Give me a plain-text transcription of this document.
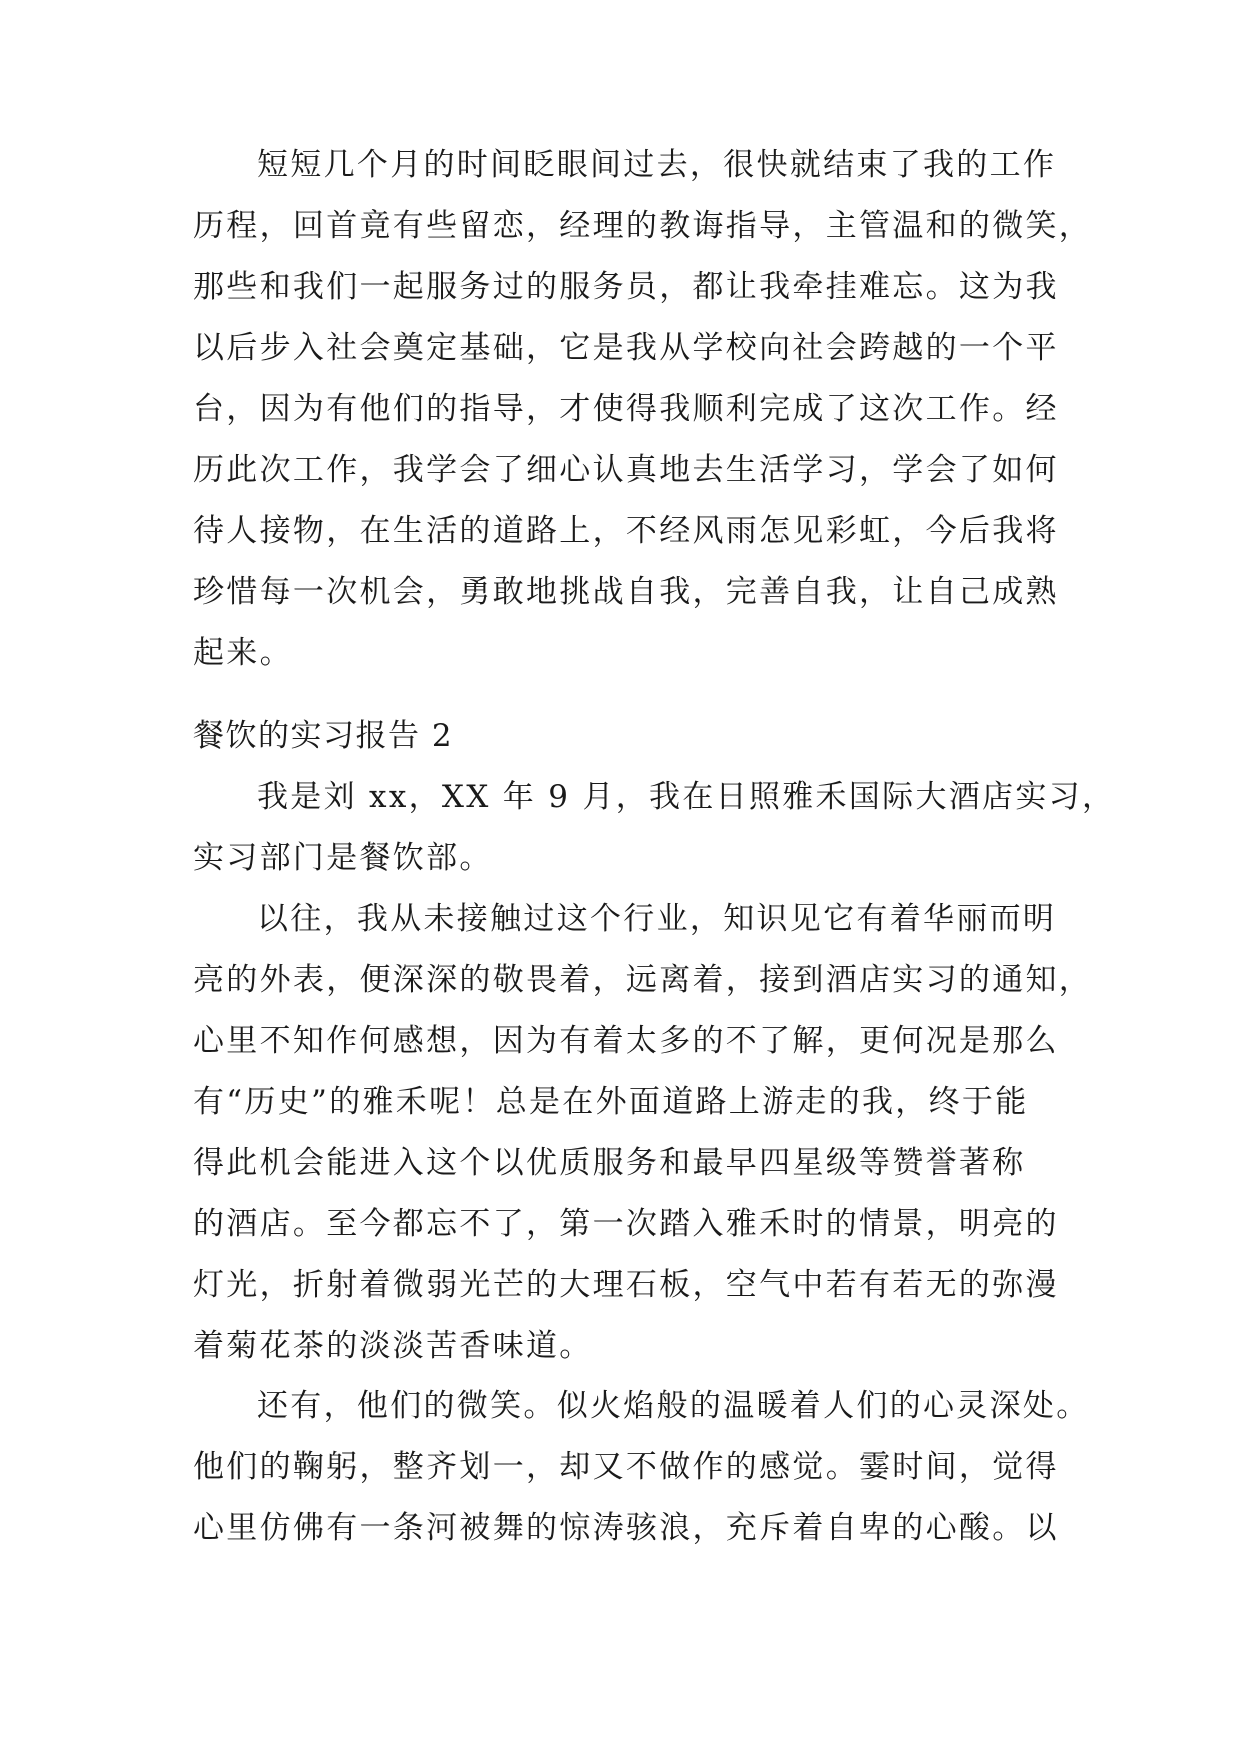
短短几个月的时间眨眼间过去，很快就结束了我的工作
历程，回首竟有些留恋，经理的教诲指导，主管温和的微笑，
那些和我们一起服务过的服务员，都让我牵挂难忘。这为我
以后步入社会奠定基础，它是我从学校向社会跨越的一个平
台，因为有他们的指导，才使得我顺利完成了这次工作。经
历此次工作，我学会了细心认真地去生活学习，学会了如何
待人接物，在生活的道路上，不经风雨怎见彩虹，今后我将
珍惜每一次机会，勇敢地挑战自我，完善自我，让自己成熟
起来。
餐饮的实习报告 2
我是刘 xx，XX 年 9 月，我在日照雅禾国际大酒店实习，
实习部门是餐饮部。
以往，我从未接触过这个行业，知识见它有着华丽而明
亮的外表，便深深的敬畏着，远离着，接到酒店实习的通知，
心里不知作何感想，因为有着太多的不了解，更何况是那么
有“历史”的雅禾呢！总是在外面道路上游走的我，终于能
得此机会能进入这个以优质服务和最早四星级等赞誉著称
的酒店。至今都忘不了，第一次踏入雅禾时的情景，明亮的
灯光，折射着微弱光芒的大理石板，空气中若有若无的弥漫
着菊花茶的淡淡苦香味道。
还有，他们的微笑。似火焰般的温暖着人们的心灵深处。
他们的鞠躬，整齐划一，却又不做作的感觉。霎时间，觉得
心里仿佛有一条河被舞的惊涛骇浪，充斥着自卑的心酸。以
